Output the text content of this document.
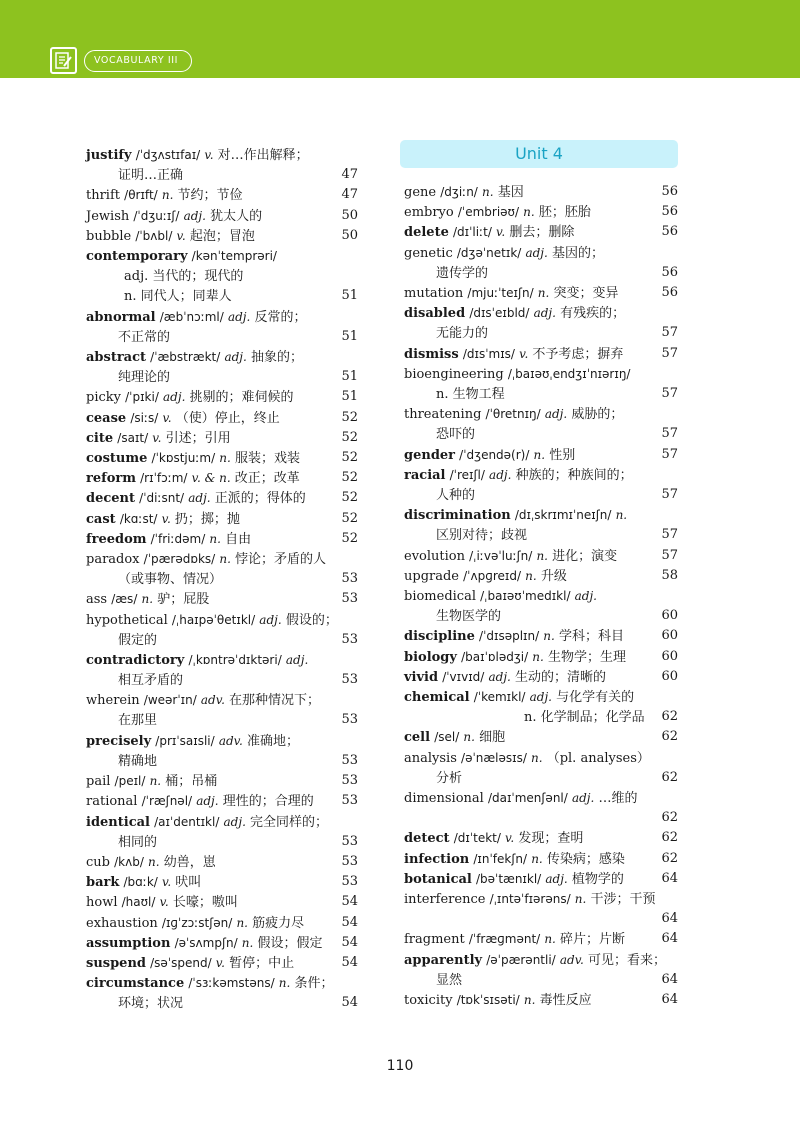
VOCABULARY III
Unit 4
justify /ˈdʒʌstɪfaɪ/ v. 对…作出解释；
证明…正确	47
thrift /θrɪft/ n. 节约；节俭	47
Jewish /ˈdʒuːɪʃ/ adj. 犹太人的	50
bubble /ˈbʌbl/ v. 起泡；冒泡	50
contemporary /kənˈtemprəri/
adj. 当代的；现代的
n. 同代人；同辈人	51
abnormal /æbˈnɔːml/ adj. 反常的；
不正常的	51
abstract /ˈæbstrækt/ adj. 抽象的；
纯理论的	51
picky /ˈpɪki/ adj. 挑剔的；难伺候的	51
cease /siːs/ v. （使）停止，终止	52
cite /saɪt/ v. 引述；引用	52
costume /ˈkɒstjuːm/ n. 服装；戏装	52
reform /rɪˈfɔːm/ v. & n. 改正；改革	52
decent /ˈdiːsnt/ adj. 正派的；得体的	52
cast /kɑːst/ v. 扔；掷；抛	52
freedom /ˈfriːdəm/ n. 自由	52
paradox /ˈpærədɒks/ n. 悖论；矛盾的人
（或事物、情况）	53
ass /æs/ n. 驴；屁股	53
hypothetical /ˌhaɪpəˈθetɪkl/ adj. 假设的；
假定的	53
contradictory /ˌkɒntrəˈdɪktəri/ adj.
相互矛盾的	53
wherein /weərˈɪn/ adv. 在那种情况下；
在那里	53
precisely /prɪˈsaɪsli/ adv. 准确地；
精确地	53
pail /peɪl/ n. 桶；吊桶	53
rational /ˈræʃnəl/ adj. 理性的；合理的	53
identical /aɪˈdentɪkl/ adj. 完全同样的；
相同的	53
cub /kʌb/ n. 幼兽，崽	53
bark /bɑːk/ v. 吠叫	53
howl /haʊl/ v. 长嚎；嗷叫	54
exhaustion /ɪɡˈzɔːstʃən/ n. 筋疲力尽	54
assumption /əˈsʌmpʃn/ n. 假设；假定	54
suspend /səˈspend/ v. 暂停；中止	54
circumstance /ˈsɜːkəmstəns/ n. 条件；
环境；状况	54
gene /dʒiːn/ n. 基因	56
embryo /ˈembriəʊ/ n. 胚；胚胎	56
delete /dɪˈliːt/ v. 删去；删除	56
genetic /dʒəˈnetɪk/ adj. 基因的；
遗传学的	56
mutation /mjuːˈteɪʃn/ n. 突变；变异	56
disabled /dɪsˈeɪbld/ adj. 有残疾的；
无能力的	57
dismiss /dɪsˈmɪs/ v. 不予考虑；摒弃	57
bioengineering /ˌbaɪəʊˌendʒɪˈnɪərɪŋ/
n. 生物工程	57
threatening /ˈθretnɪŋ/ adj. 威胁的；
恐吓的	57
gender /ˈdʒendə(r)/ n. 性别	57
racial /ˈreɪʃl/ adj. 种族的；种族间的；
人种的	57
discrimination /dɪˌskrɪmɪˈneɪʃn/ n.
区别对待；歧视	57
evolution /ˌiːvəˈluːʃn/ n. 进化；演变	57
upgrade /ˈʌpɡreɪd/ n. 升级	58
biomedical /ˌbaɪəʊˈmedɪkl/ adj.
生物医学的	60
discipline /ˈdɪsəplɪn/ n. 学科；科目	60
biology /baɪˈɒlədʒi/ n. 生物学；生理	60
vivid /ˈvɪvɪd/ adj. 生动的；清晰的	60
chemical /ˈkemɪkl/ adj. 与化学有关的
n. 化学制品；化学品	62
cell /sel/ n. 细胞	62
analysis /əˈnæləsɪs/ n. （pl. analyses）
分析	62
dimensional /daɪˈmenʃənl/ adj. …维的
62
detect /dɪˈtekt/ v. 发现；查明	62
infection /ɪnˈfekʃn/ n. 传染病；感染	62
botanical /bəˈtænɪkl/ adj. 植物学的	64
interference /ˌɪntəˈfɪərəns/ n. 干涉；干预
64
fragment /ˈfræɡmənt/ n. 碎片；片断	64
apparently /əˈpærəntli/ adv. 可见；看来；
显然	64
toxicity /tɒkˈsɪsəti/ n. 毒性反应	64
110
